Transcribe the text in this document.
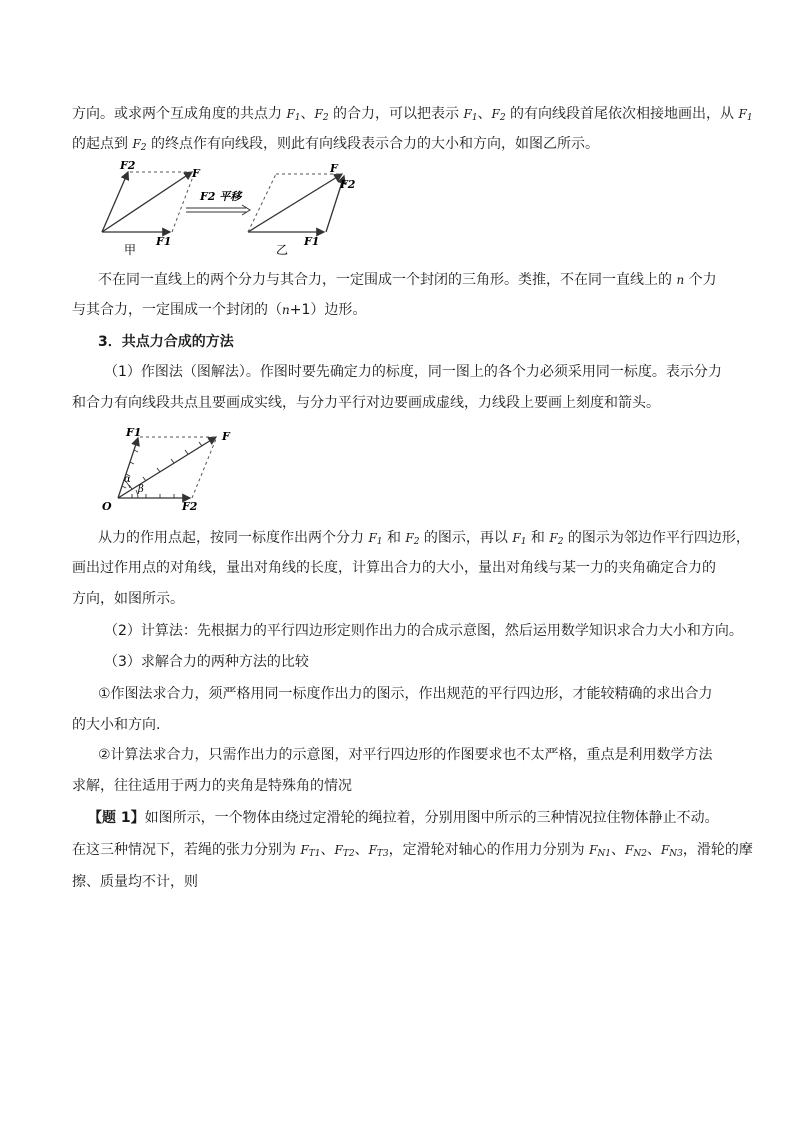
方向。或求两个互成角度的共点力 $F_1$、$F_2$ 的合力，可以把表示 $F_1$、$F_2$ 的有向线段首尾依次相接地画出，从 $F_1$
的起点到 $F_2$ 的终点作有向线段，则此有向线段表示合力的大小和方向，如图乙所示。
F2
F
F1
甲
F2 平移
F
F2
F1
乙
不在同一直线上的两个分力与其合力，一定围成一个封闭的三角形。类推，不在同一直线上的 n 个力
与其合力，一定围成一个封闭的（n+1）边形。
3．共点力合成的方法
（1）作图法（图解法）。作图时要先确定力的标度，同一图上的各个力必须采用同一标度。表示分力
和合力有向线段共点且要画成实线，与分力平行对边要画成虚线，力线段上要画上刻度和箭头。
F1	F
F2
O
α
β
从力的作用点起，按同一标度作出两个分力 $F_1$ 和 $F_2$ 的图示，再以 $F_1$ 和 $F_2$ 的图示为邻边作平行四边形，
画出过作用点的对角线，量出对角线的长度，计算出合力的大小，量出对角线与某一力的夹角确定合力的
方向，如图所示。
（2）计算法：先根据力的平行四边形定则作出力的合成示意图，然后运用数学知识求合力大小和方向。
（3）求解合力的两种方法的比较
①作图法求合力，须严格用同一标度作出力的图示，作出规范的平行四边形，才能较精确的求出合力
的大小和方向.
②计算法求合力，只需作出力的示意图，对平行四边形的作图要求也不太严格，重点是利用数学方法
求解，往往适用于两力的夹角是特殊角的情况
【题 1】如图所示，一个物体由绕过定滑轮的绳拉着，分别用图中所示的三种情况拉住物体静止不动。
在这三种情况下，若绳的张力分别为 $F_{T1}$、$F_{T2}$、$F_{T3}$，定滑轮对轴心的作用力分别为 $F_{N1}$、$F_{N2}$、$F_{N3}$，滑轮的摩
擦、质量均不计，则
